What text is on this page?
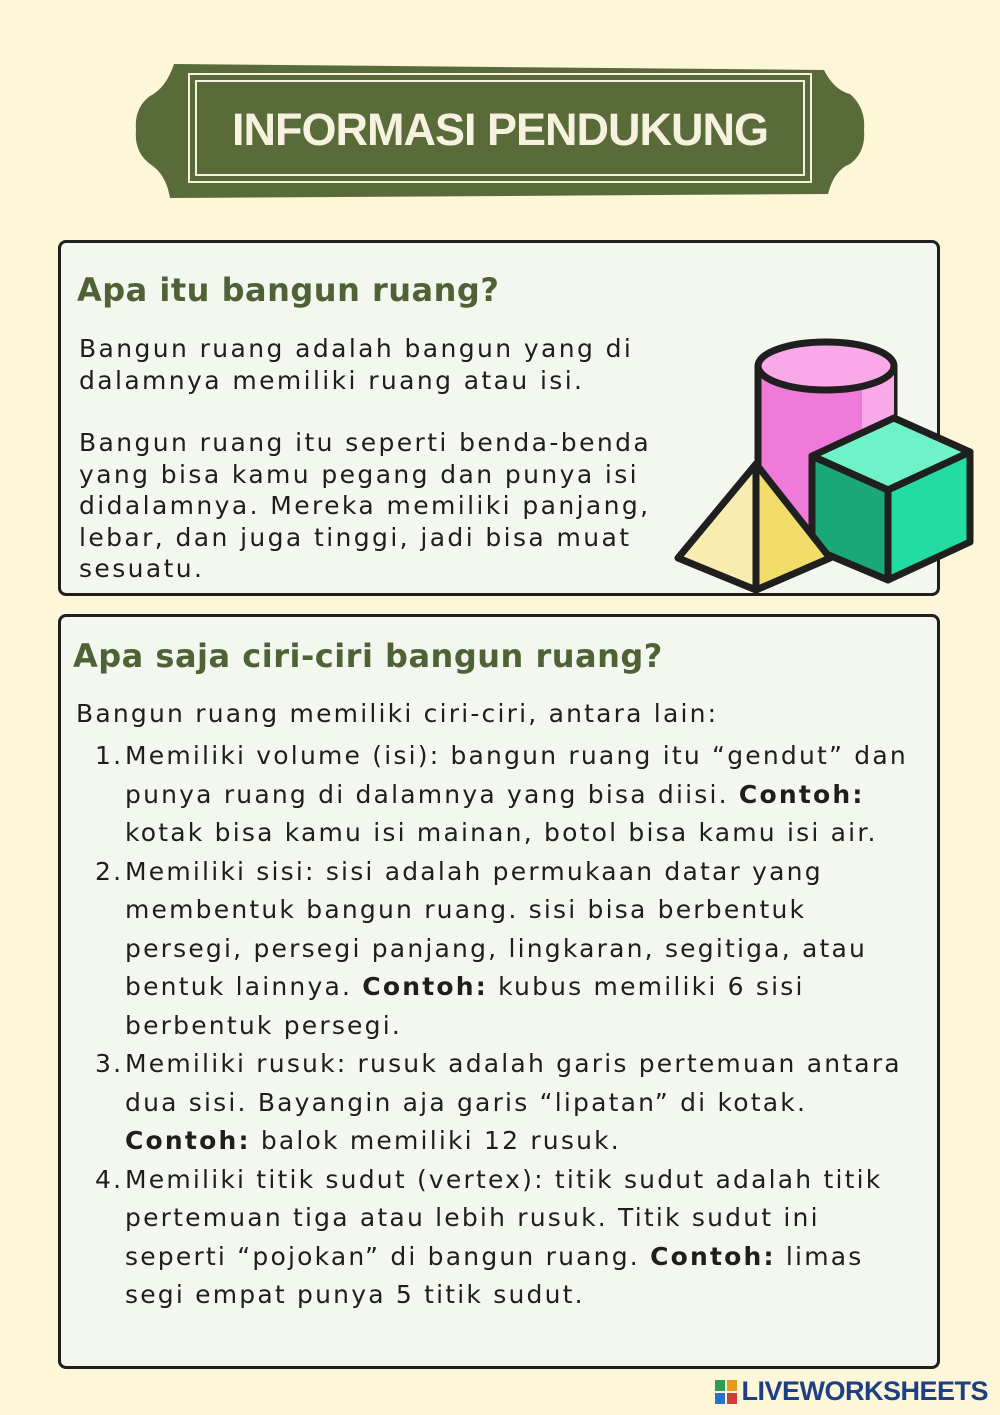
INFORMASI PENDUKUNG
Apa itu bangun ruang?

Bangun ruang adalah bangun yang di dalamnya memiliki ruang atau isi.

Bangun ruang itu seperti benda-benda yang bisa kamu pegang dan punya isi didalamnya. Mereka memiliki panjang, lebar, dan juga tinggi, jadi bisa muat sesuatu.

Apa saja ciri-ciri bangun ruang?

Bangun ruang memiliki ciri-ciri, antara lain:

1. Memiliki volume (isi): bangun ruang itu “gendut” dan punya ruang di dalamnya yang bisa diisi. Contoh: kotak bisa kamu isi mainan, botol bisa kamu isi air.
2. Memiliki sisi: sisi adalah permukaan datar yang membentuk bangun ruang. sisi bisa berbentuk persegi, persegi panjang, lingkaran, segitiga, atau bentuk lainnya. Contoh: kubus memiliki 6 sisi berbentuk persegi.
3. Memiliki rusuk: rusuk adalah garis pertemuan antara dua sisi. Bayangin aja garis “lipatan” di kotak. Contoh: balok memiliki 12 rusuk.
4. Memiliki titik sudut (vertex): titik sudut adalah titik pertemuan tiga atau lebih rusuk. Titik sudut ini seperti “pojokan” di bangun ruang. Contoh: limas segi empat punya 5 titik sudut.
LIVEWORKSHEETS
